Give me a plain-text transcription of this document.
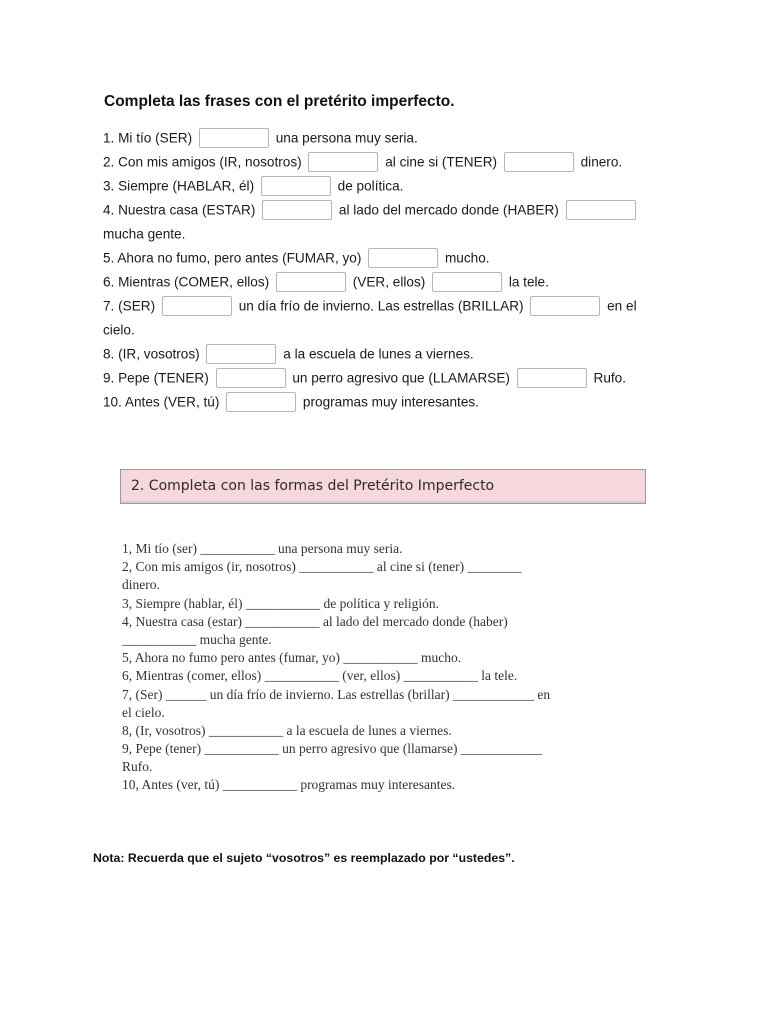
Completa las frases con el pretérito imperfecto.
1. Mi tío (SER)	una persona muy seria.
2. Con mis amigos (IR, nosotros)	al cine si (TENER)	dinero.
3. Siempre (HABLAR, él)	de política.
4. Nuestra casa (ESTAR)	al lado del mercado donde (HABER)
mucha gente.
5. Ahora no fumo, pero antes (FUMAR, yo)	mucho.
6. Mientras (COMER, ellos)	(VER, ellos)	la tele.
7. (SER)	un día frío de invierno. Las estrellas (BRILLAR)	en el
cielo.
8. (IR, vosotros)	a la escuela de lunes a viernes.
9. Pepe (TENER)	un perro agresivo que (LLAMARSE)	Rufo.
10. Antes (VER, tú)	programas muy interesantes.
2. Completa con las formas del Pretérito Imperfecto
1, Mi tío (ser) ___________ una persona muy seria.
2, Con mis amigos (ir, nosotros) ___________ al cine si (tener) ________
dinero.
3, Siempre (hablar, él) ___________ de política y religión.
4, Nuestra casa (estar) ___________ al lado del mercado donde (haber)
___________ mucha gente.
5, Ahora no fumo pero antes (fumar, yo) ___________ mucho.
6, Mientras (comer, ellos) ___________ (ver, ellos) ___________ la tele.
7, (Ser) ______ un día frío de invierno. Las estrellas (brillar) ____________ en
el cielo.
8, (Ir, vosotros) ___________ a la escuela de lunes a viernes.
9, Pepe (tener) ___________ un perro agresivo que (llamarse) ____________
Rufo.
10, Antes (ver, tú) ___________ programas muy interesantes.
Nota: Recuerda que el sujeto “vosotros” es reemplazado por “ustedes”.
